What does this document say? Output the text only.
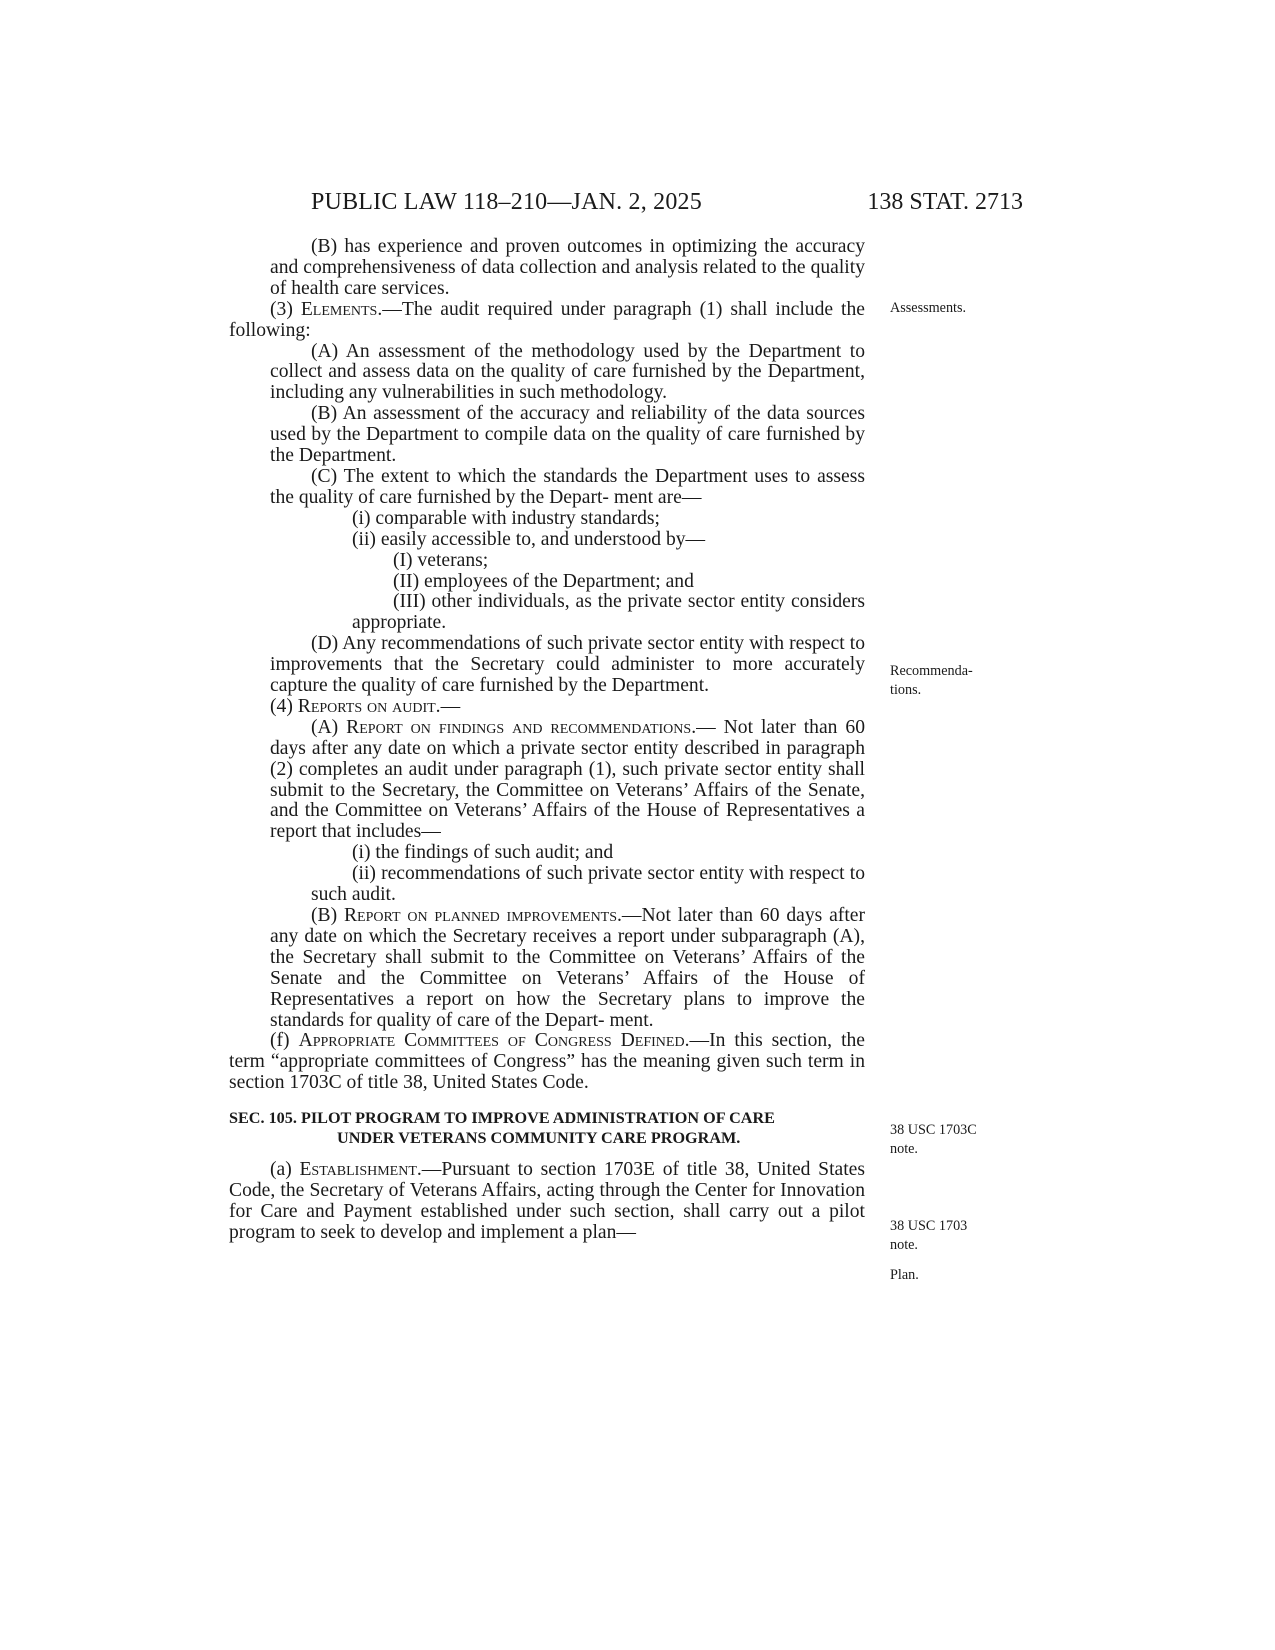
PUBLIC LAW 118–210—JAN. 2, 2025	138 STAT. 2713

(B) has experience and proven outcomes in optimizing the accuracy and comprehensiveness of data collection and analysis related to the quality of health care services.

(3) Elements.—The audit required under paragraph (1) shall include the following:

(A) An assessment of the methodology used by the Department to collect and assess data on the quality of care furnished by the Department, including any vulnerabilities in such methodology.

(B) An assessment of the accuracy and reliability of the data sources used by the Department to compile data on the quality of care furnished by the Department.

(C) The extent to which the standards the Department uses to assess the quality of care furnished by the Depart- ment are—

(i) comparable with industry standards;

(ii) easily accessible to, and understood by—

(I) veterans;

(II) employees of the Department; and

(III) other individuals, as the private sector entity considers appropriate.

(D) Any recommendations of such private sector entity with respect to improvements that the Secretary could administer to more accurately capture the quality of care furnished by the Department.

(4) Reports on audit.—

(A) Report on findings and recommendations.— Not later than 60 days after any date on which a private sector entity described in paragraph (2) completes an audit under paragraph (1), such private sector entity shall submit to the Secretary, the Committee on Veterans’ Affairs of the Senate, and the Committee on Veterans’ Affairs of the House of Representatives a report that includes—

(i) the findings of such audit; and

(ii) recommendations of such private sector entity with respect to such audit.

(B) Report on planned improvements.—Not later than 60 days after any date on which the Secretary receives a report under subparagraph (A), the Secretary shall submit to the Committee on Veterans’ Affairs of the Senate and the Committee on Veterans’ Affairs of the House of Representatives a report on how the Secretary plans to improve the standards for quality of care of the Depart- ment.

(f) Appropriate Committees of Congress Defined.—In this section, the term “appropriate committees of Congress” has the meaning given such term in section 1703C of title 38, United States Code.

SEC. 105. PILOT PROGRAM TO IMPROVE ADMINISTRATION OF CARE
UNDER VETERANS COMMUNITY CARE PROGRAM.

(a) Establishment.—Pursuant to section 1703E of title 38, United States Code, the Secretary of Veterans Affairs, acting through the Center for Innovation for Care and Payment established under such section, shall carry out a pilot program to seek to develop and implement a plan—

Assessments.
Recommenda-
tions.
38 USC 1703C
note.
38 USC 1703
note.
Plan.
